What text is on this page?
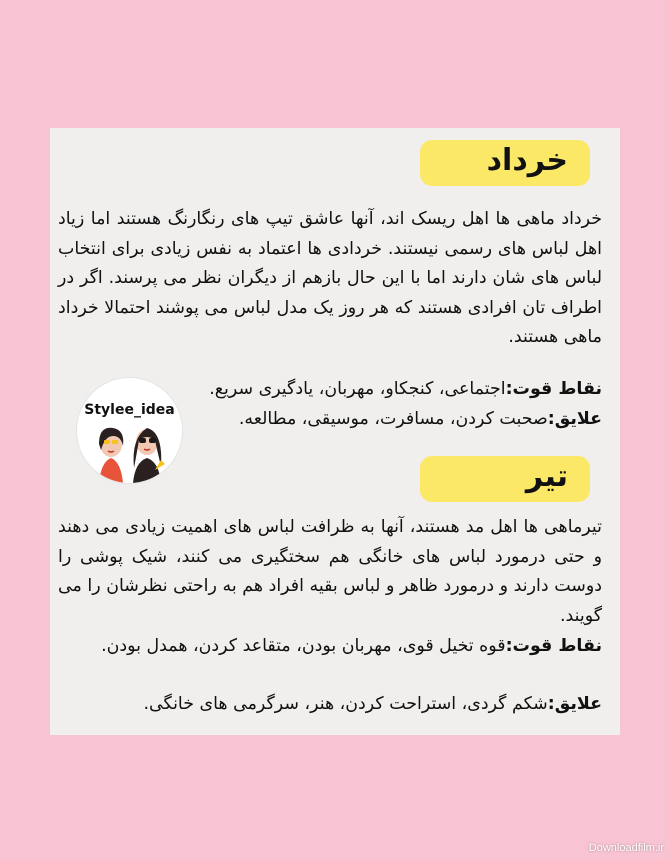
خرداد

خرداد ماهی ها اهل ریسک اند، آنها عاشق تیپ های رنگارنگ هستند اما زیاد اهل لباس های رسمی نیستند. خردادی ها اعتماد به نفس زیادی برای انتخاب لباس های شان دارند اما با این حال بازهم از دیگران نظر می پرسند. اگر در اطراف تان افرادی هستند که هر روز یک مدل لباس می پوشند احتمالا خرداد ماهی هستند.

نقاط قوت:اجتماعی، کنجکاو، مهربان، یادگیری سریع.
علایق:صحبت کردن، مسافرت، موسیقی، مطالعه.
Stylee_idea
تیر

تیرماهی ها اهل مد هستند، آنها به ظرافت لباس های اهمیت زیادی می دهند و حتی درمورد لباس های خانگی هم سختگیری می کنند، شیک پوشی را دوست دارند و درمورد ظاهر و لباس بقیه افراد هم به راحتی نظرشان را می گویند.

نقاط قوت:قوه تخیل قوی، مهربان بودن، متقاعد کردن، همدل بودن.
علایق:شکم گردی، استراحت کردن، هنر، سرگرمی های خانگی.
Downloadfilm.ir
